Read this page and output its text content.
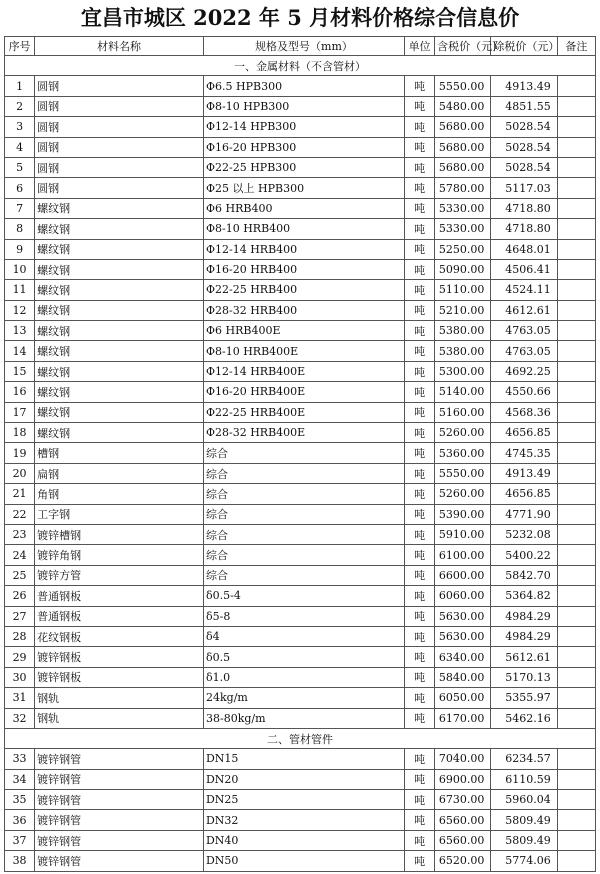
宜昌市城区 2022 年 5 月材料价格综合信息价
序号	材料名称	规格及型号（mm）	单位	含税价（元）	除税价（元）	备注
一、金属材料（不含管材）						
1	圆钢	Φ6.5 HPB300	吨	5550.00	4913.49	
2	圆钢	Φ8-10 HPB300	吨	5480.00	4851.55	
3	圆钢	Φ12-14 HPB300	吨	5680.00	5028.54	
4	圆钢	Φ16-20 HPB300	吨	5680.00	5028.54	
5	圆钢	Φ22-25 HPB300	吨	5680.00	5028.54	
6	圆钢	Φ25 以上 HPB300	吨	5780.00	5117.03	
7	螺纹钢	Φ6 HRB400	吨	5330.00	4718.80	
8	螺纹钢	Φ8-10 HRB400	吨	5330.00	4718.80	
9	螺纹钢	Φ12-14 HRB400	吨	5250.00	4648.01	
10	螺纹钢	Φ16-20 HRB400	吨	5090.00	4506.41	
11	螺纹钢	Φ22-25 HRB400	吨	5110.00	4524.11	
12	螺纹钢	Φ28-32 HRB400	吨	5210.00	4612.61	
13	螺纹钢	Φ6 HRB400E	吨	5380.00	4763.05	
14	螺纹钢	Φ8-10 HRB400E	吨	5380.00	4763.05	
15	螺纹钢	Φ12-14 HRB400E	吨	5300.00	4692.25	
16	螺纹钢	Φ16-20 HRB400E	吨	5140.00	4550.66	
17	螺纹钢	Φ22-25 HRB400E	吨	5160.00	4568.36	
18	螺纹钢	Φ28-32 HRB400E	吨	5260.00	4656.85	
19	槽钢	综合	吨	5360.00	4745.35	
20	扁钢	综合	吨	5550.00	4913.49	
21	角钢	综合	吨	5260.00	4656.85	
22	工字钢	综合	吨	5390.00	4771.90	
23	镀锌槽钢	综合	吨	5910.00	5232.08	
24	镀锌角钢	综合	吨	6100.00	5400.22	
25	镀锌方管	综合	吨	6600.00	5842.70	
26	普通钢板	δ0.5-4	吨	6060.00	5364.82	
27	普通钢板	δ5-8	吨	5630.00	4984.29	
28	花纹钢板	δ4	吨	5630.00	4984.29	
29	镀锌钢板	δ0.5	吨	6340.00	5612.61	
30	镀锌钢板	δ1.0	吨	5840.00	5170.13	
31	钢轨	24kg/m	吨	6050.00	5355.97	
32	钢轨	38-80kg/m	吨	6170.00	5462.16	
二、管材管件						
33	镀锌钢管	DN15	吨	7040.00	6234.57	
34	镀锌钢管	DN20	吨	6900.00	6110.59	
35	镀锌钢管	DN25	吨	6730.00	5960.04	
36	镀锌钢管	DN32	吨	6560.00	5809.49	
37	镀锌钢管	DN40	吨	6560.00	5809.49	
38	镀锌钢管	DN50	吨	6520.00	5774.06	
